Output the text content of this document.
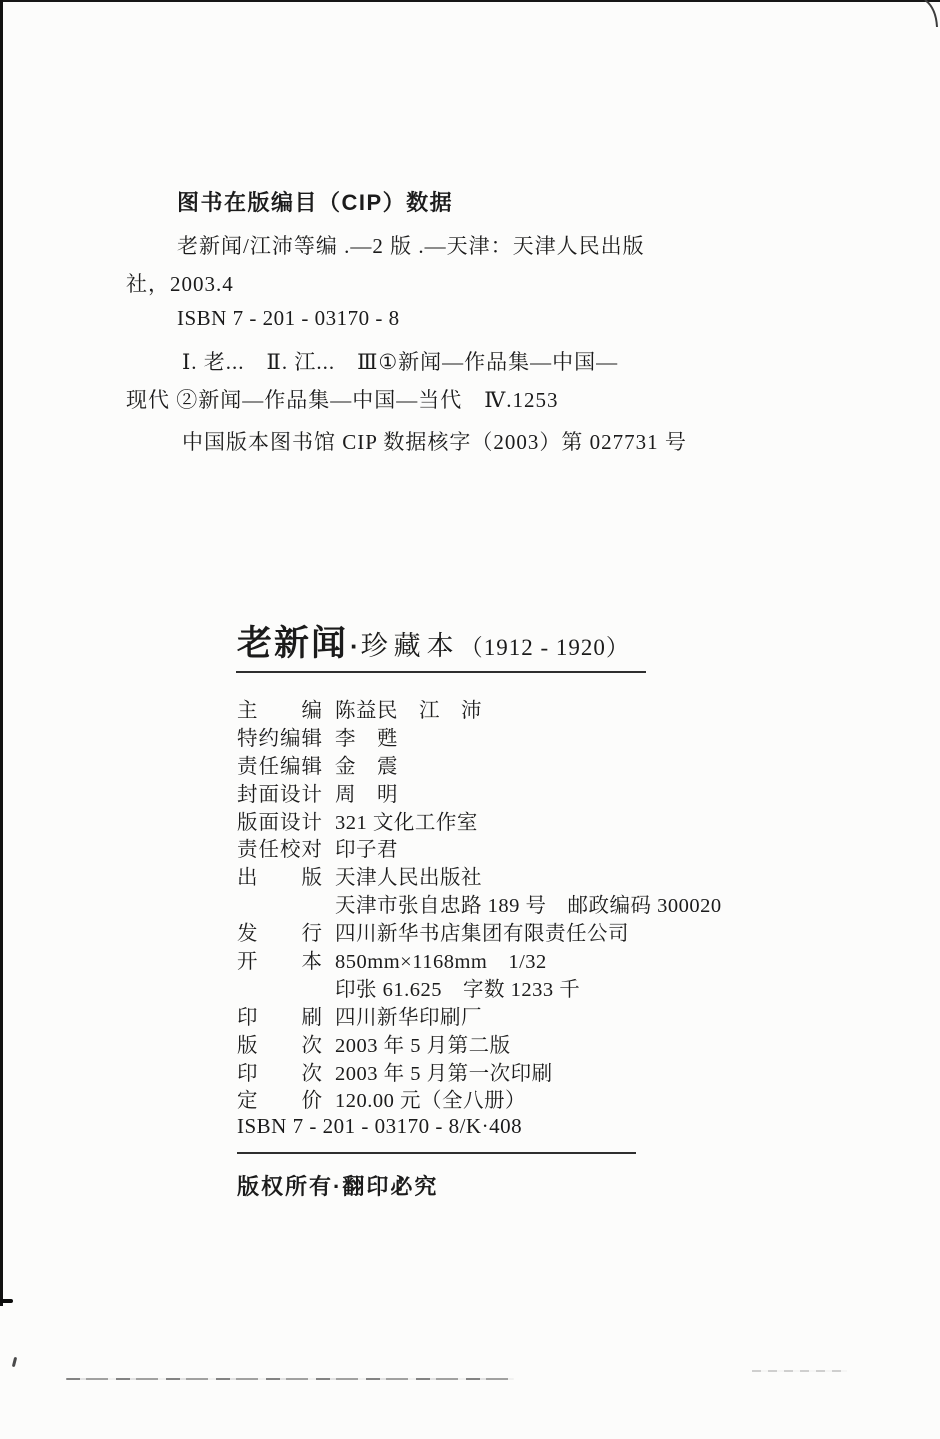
图书在版编目（CIP）数据
老新闻/江沛等编 .—2 版 .—天津：天津人民出版
社，2003.4
ISBN 7 - 201 - 03170 - 8
Ⅰ. 老...　Ⅱ. 江...　Ⅲ①新闻—作品集—中国—
现代 ②新闻—作品集—中国—当代　Ⅳ.1253
中国版本图书馆 CIP 数据核字（2003）第 027731 号
老新闻 · 珍藏本 （1912 - 1920）
主　　编 陈益民　江　沛
特约编辑 李　甦
责任编辑 金　震
封面设计 周　明
版面设计 321 文化工作室
责任校对 印子君
出　　版 天津人民出版社
天津市张自忠路 189 号　邮政编码 300020
发　　行 四川新华书店集团有限责任公司
开　　本 850mm×1168mm　1/32
印张 61.625　字数 1233 千
印　　刷 四川新华印刷厂
版　　次 2003 年 5 月第二版
印　　次 2003 年 5 月第一次印刷
定　　价 120.00 元（全八册）
ISBN 7 - 201 - 03170 - 8/K·408
版权所有·翻印必究
